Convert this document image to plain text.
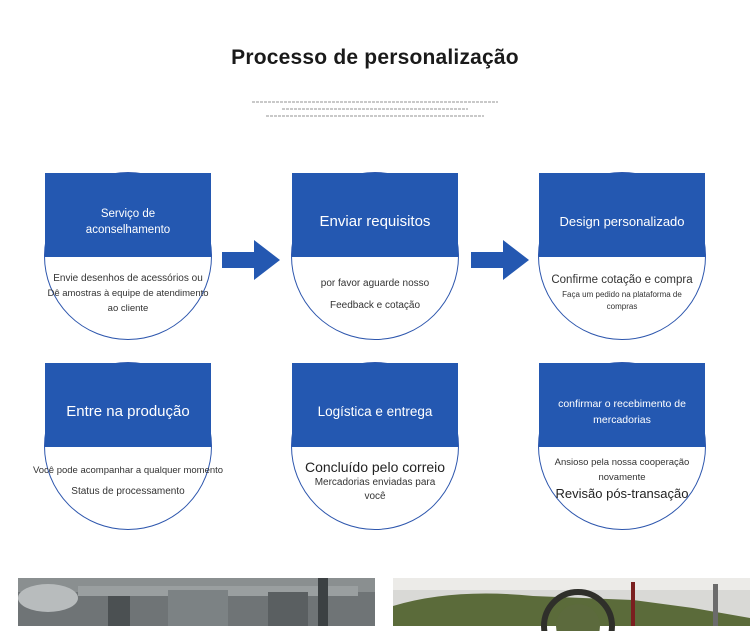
Processo de personalização
Serviço de aconselhamento
Envie desenhos de acessórios ou
Dê amostras à equipe de atendimento
ao cliente
Enviar requisitos
por favor aguarde nosso
Feedback e cotação
Design personalizado
Confirme cotação e compra
Faça um pedido na plataforma de
compras
Entre na produção
Você pode acompanhar a qualquer momento
Status de processamento
Logística e entrega
Concluído pelo correio
Mercadorias enviadas para
você
confirmar o recebimento de mercadorias
Ansioso pela nossa cooperação
novamente
Revisão pós-transação
